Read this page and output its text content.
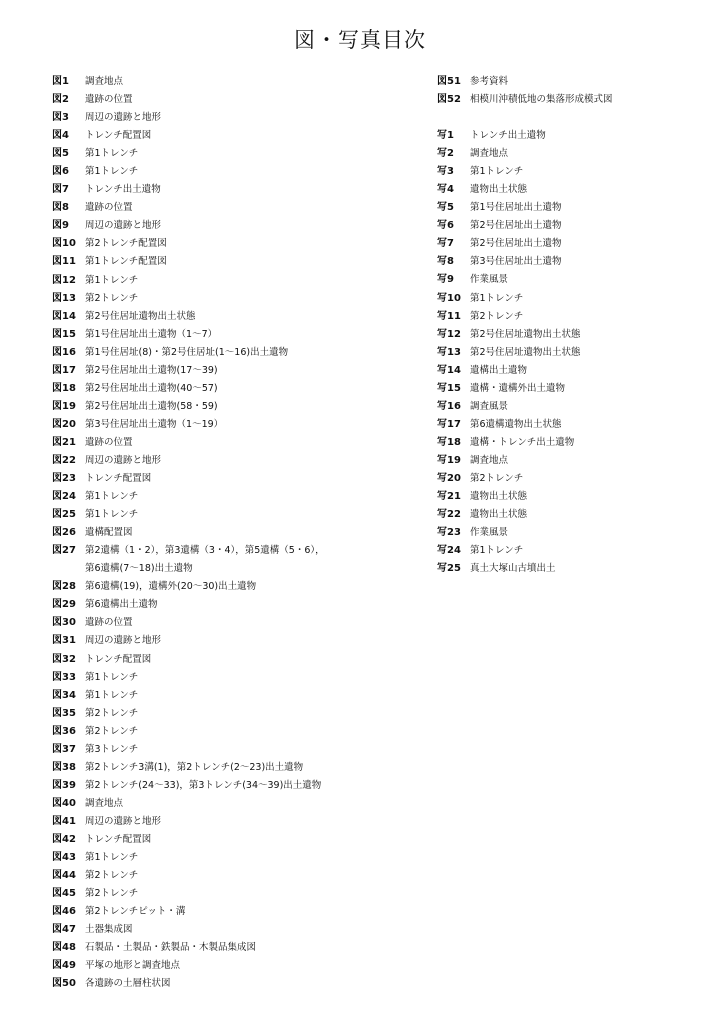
図・写真目次
図1	調査地点
図2	遺跡の位置
図3	周辺の遺跡と地形
図4	トレンチ配置図
図5	第1トレンチ
図6	第1トレンチ
図7	トレンチ出土遺物
図8	遺跡の位置
図9	周辺の遺跡と地形
図10 第2トレンチ配置図
図11 第1トレンチ配置図
図12 第1トレンチ
図13 第2トレンチ
図14 第2号住居址遺物出土状態
図15 第1号住居址出土遺物（1～7）
図16 第1号住居址(8)・第2号住居址(1～16)出土遺物
図17 第2号住居址出土遺物(17～39)
図18 第2号住居址出土遺物(40～57)
図19 第2号住居址出土遺物(58・59)
図20 第3号住居址出土遺物（1～19）
図21 遺跡の位置
図22 周辺の遺跡と地形
図23 トレンチ配置図
図24 第1トレンチ
図25 第1トレンチ
図26 遺構配置図
図27 第2遺構（1・2），第3遺構（3・4），第5遺構（5・6），
第6遺構(7～18)出土遺物
図28 第6遺構(19)，遺構外(20～30)出土遺物
図29 第6遺構出土遺物
図30 遺跡の位置
図31 周辺の遺跡と地形
図32 トレンチ配置図
図33 第1トレンチ
図34 第1トレンチ
図35 第2トレンチ
図36 第2トレンチ
図37 第3トレンチ
図38 第2トレンチ3溝(1)，第2トレンチ(2～23)出土遺物
図39 第2トレンチ(24～33)，第3トレンチ(34～39)出土遺物
図40 調査地点
図41 周辺の遺跡と地形
図42 トレンチ配置図
図43 第1トレンチ
図44 第2トレンチ
図45 第2トレンチ
図46 第2トレンチピット・溝
図47 土器集成図
図48 石製品・土製品・鉄製品・木製品集成図
図49 平塚の地形と調査地点
図50 各遺跡の土層柱状図
図51 参考資料
図52 相模川沖積低地の集落形成模式図
写1	トレンチ出土遺物
写2	調査地点
写3	第1トレンチ
写4	遺物出土状態
写5	第1号住居址出土遺物
写6	第2号住居址出土遺物
写7	第2号住居址出土遺物
写8	第3号住居址出土遺物
写9	作業風景
写10 第1トレンチ
写11 第2トレンチ
写12 第2号住居址遺物出土状態
写13 第2号住居址遺物出土状態
写14 遺構出土遺物
写15 遺構・遺構外出土遺物
写16 調査風景
写17 第6遺構遺物出土状態
写18 遺構・トレンチ出土遺物
写19 調査地点
写20 第2トレンチ
写21 遺物出土状態
写22 遺物出土状態
写23 作業風景
写24 第1トレンチ
写25 真土大塚山古墳出土
